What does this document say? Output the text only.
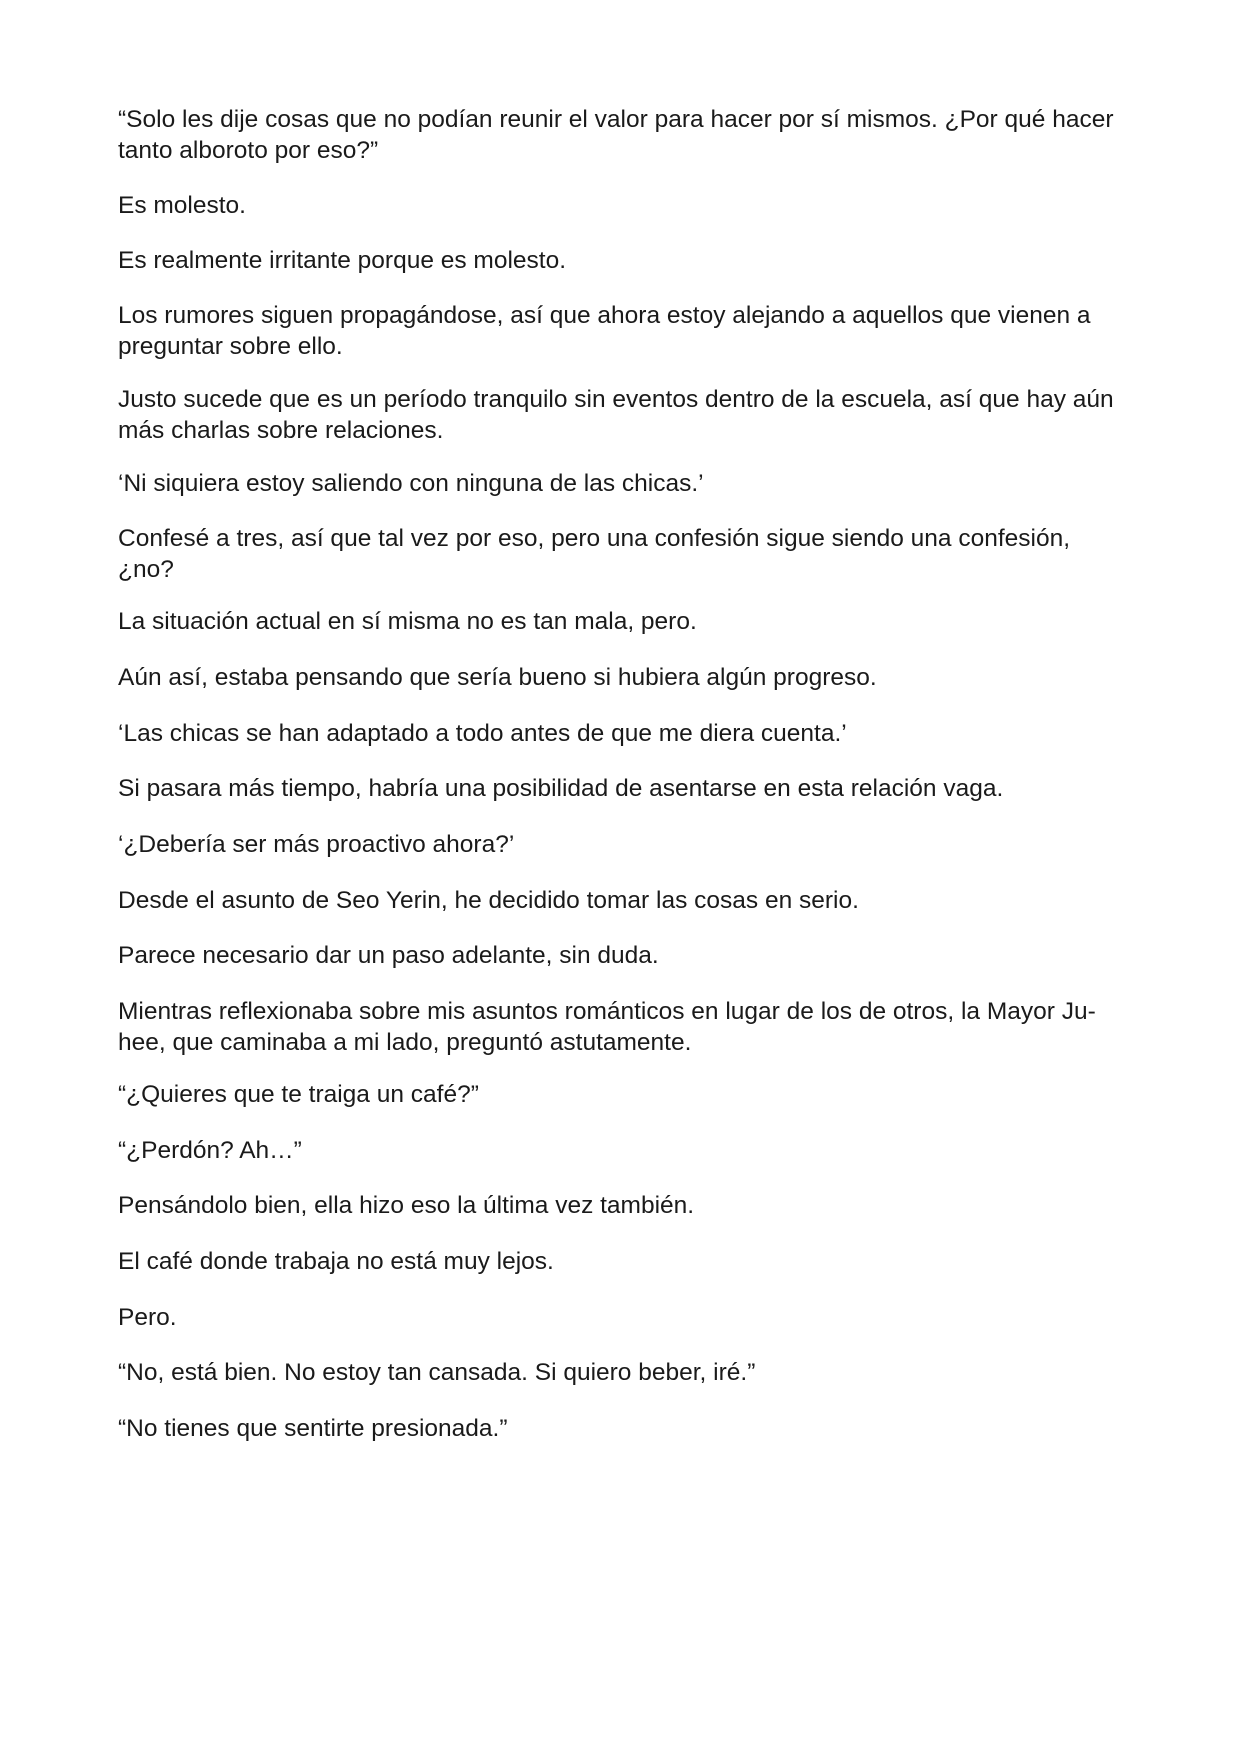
“Solo les dije cosas que no podían reunir el valor para hacer por sí mismos. ¿Por qué hacer tanto alboroto por eso?”

Es molesto.

Es realmente irritante porque es molesto.

Los rumores siguen propagándose, así que ahora estoy alejando a aquellos que vienen a preguntar sobre ello.

Justo sucede que es un período tranquilo sin eventos dentro de la escuela, así que hay aún más charlas sobre relaciones.

‘Ni siquiera estoy saliendo con ninguna de las chicas.’

Confesé a tres, así que tal vez por eso, pero una confesión sigue siendo una confesión, ¿no?

La situación actual en sí misma no es tan mala, pero.

Aún así, estaba pensando que sería bueno si hubiera algún progreso.

‘Las chicas se han adaptado a todo antes de que me diera cuenta.’

Si pasara más tiempo, habría una posibilidad de asentarse en esta relación vaga.

‘¿Debería ser más proactivo ahora?’

Desde el asunto de Seo Yerin, he decidido tomar las cosas en serio.

Parece necesario dar un paso adelante, sin duda.

Mientras reflexionaba sobre mis asuntos románticos en lugar de los de otros, la Mayor Ju-hee, que caminaba a mi lado, preguntó astutamente.

“¿Quieres que te traiga un café?”

“¿Perdón? Ah…”

Pensándolo bien, ella hizo eso la última vez también.

El café donde trabaja no está muy lejos.

Pero.

“No, está bien. No estoy tan cansada. Si quiero beber, iré.”

“No tienes que sentirte presionada.”
